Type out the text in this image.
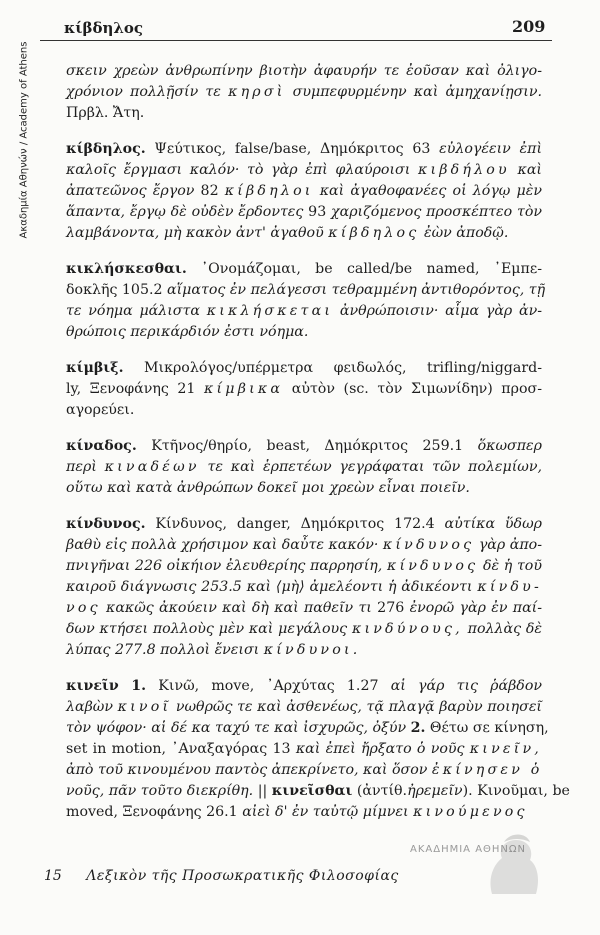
κίβδηλος	209
Ακαδημία Αθηνών / Academy of Athens	σκειν χρεὼν ἀνθρωπίνην βιοτὴν ἀφαυρήν τε ἐοῦσαν καὶ ὀλιγο-
χρόνιον πολλῇσίν τε κηρσὶ συμπεφυρμένην καὶ ἀμηχανίῃσιν.
Πρβλ. Ἄτη.
κίβδηλος. Ψεύτικος, false/base, Δημόκριτος 63 εὐλογέειν ἐπὶ
καλοῖς ἔργμασι καλόν· τὸ γὰρ ἐπὶ φλαύροισι κιβδήλου καὶ
ἀπατεῶνος ἔργον 82 κίβδηλοι καὶ ἀγαθοφανέες οἱ λόγῳ μὲν
ἅπαντα, ἔργῳ δὲ οὐδὲν ἔρδοντες 93 χαριζόμενος προσκέπτεο τὸν
λαμβάνοντα, μὴ κακὸν ἀντ' ἀγαθοῦ κίβδηλος ἐὼν ἀποδῷ.
κικλήσκεσθαι. ᾿Ονομάζομαι, be called/be named, ᾿Εμπε-
δοκλῆς 105.2 αἵματος ἐν πελάγεσσι τεθραμμένη ἀντιθορόντος, τῇ
τε νόημα μάλιστα κικλήσκεται ἀνθρώποισιν· αἷμα γὰρ ἀν-
θρώποις περικάρδιόν ἐστι νόημα.
κίμβιξ. Μικρολόγος/υπέρμετρα φειδωλός, trifling/niggard-
ly, Ξενοφάνης 21 κίμβικα αὐτὸν (sc. τὸν Σιμωνίδην) προσ-
αγορεύει.
κίναδος. Κτῆνος/θηρίο, beast, Δημόκριτος 259.1 ὅκωσπερ
περὶ κιναδέων τε καὶ ἑρπετέων γεγράφαται τῶν πολεμίων,
οὕτω καὶ κατὰ ἀνθρώπων δοκεῖ μοι χρεὼν εἶναι ποιεῖν.
κίνδυνος. Κίνδυνος, danger, Δημόκριτος 172.4 αὐτίκα ὕδωρ
βαθὺ εἰς πολλὰ χρήσιμον καὶ δαὖτε κακόν· κίνδυνος γὰρ ἀπο-
πνιγῆναι 226 οἰκήιον ἐλευθερίης παρρησίη, κίνδυνος δὲ ἡ τοῦ
καιροῦ διάγνωσις 253.5 καὶ ⟨μὴ⟩ ἀμελέοντι ἡ ἀδικέοντι κίνδυ-
νος κακῶς ἀκούειν καὶ δὴ καὶ παθεῖν τι 276 ἐνορῶ γὰρ ἐν παί-
δων κτήσει πολλοὺς μὲν καὶ μεγάλους κινδύνους, πολλὰς δὲ
λύπας 277.8 πολλοὶ ἔνεισι κίνδυνοι.
κινεῖν 1. Κινῶ, move, ᾿Αρχύτας 1.27 αἱ γάρ τις ῥάβδον
λαβὼν κινοῖ νωθρῶς τε καὶ ἀσθενέως, τᾷ πλαγᾷ βαρὺν ποιησεῖ
τὸν ψόφον· αἱ δέ κα ταχύ τε καὶ ἰσχυρῶς, ὀξύν 2. Θέτω σε κίνηση,
set in motion, ᾿Αναξαγόρας 13 καὶ ἐπεὶ ἤρξατο ὁ νοῦς κινεῖν,
ἀπὸ τοῦ κινουμένου παντὸς ἀπεκρίνετο, καὶ ὅσον ἐκίνησεν ὁ
νοῦς, πᾶν τοῦτο διεκρίθη. || κινεῖσθαι (ἀντίθ.ἠρεμεῖν). Κινοῦμαι, be
moved, Ξενοφάνης 26.1 αἰεὶ δ' ἐν ταὐτῷ μίμνει κινούμενος
ΑΚΑΔΗΜΙΑ ΑΘΗΝΩΝ
15 Λεξικὸν τῆς Προσωκρατικῆς Φιλοσοφίας
